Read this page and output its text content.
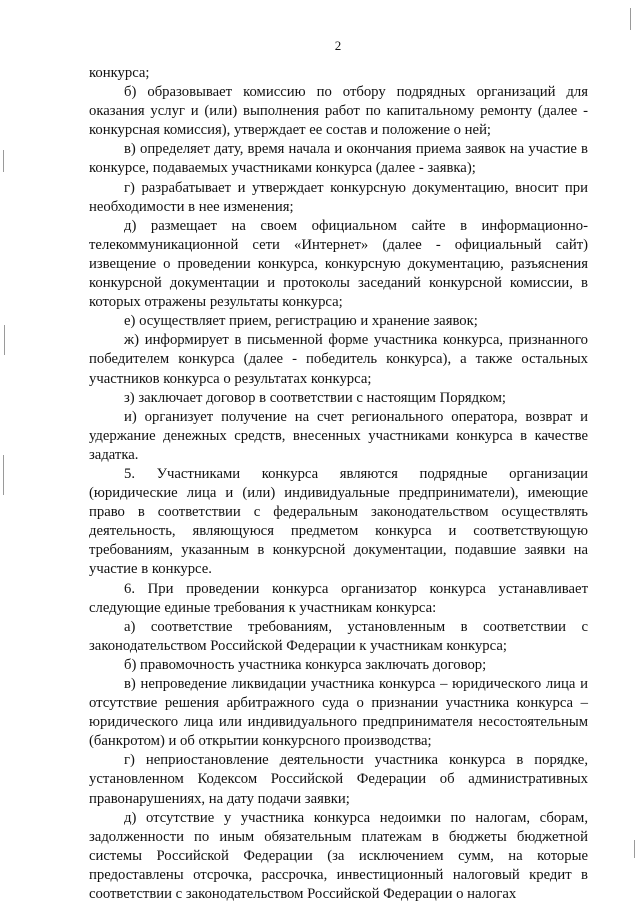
2

конкурса;

б) образовывает комиссию по отбору подрядных организаций для оказания услуг и (или) выполнения работ по капитальному ремонту (далее - конкурсная комиссия), утверждает ее состав и положение о ней;

в) определяет дату, время начала и окончания приема заявок на участие в конкурсе, подаваемых участниками конкурса (далее - заявка);

г) разрабатывает и утверждает конкурсную документацию, вносит при необходимости в нее изменения;

д) размещает на своем официальном сайте в информационно-телекоммуникационной сети «Интернет» (далее - официальный сайт) извещение о проведении конкурса, конкурсную документацию, разъяснения конкурсной документации и протоколы заседаний конкурсной комиссии, в которых отражены результаты конкурса;

е) осуществляет прием, регистрацию и хранение заявок;

ж) информирует в письменной форме участника конкурса, признанного победителем конкурса (далее - победитель конкурса), а также остальных участников конкурса о результатах конкурса;

з) заключает договор в соответствии с настоящим Порядком;

и) организует получение на счет регионального оператора, возврат и удержание денежных средств, внесенных участниками конкурса в качестве задатка.

5. Участниками конкурса являются подрядные организации (юридические лица и (или) индивидуальные предприниматели), имеющие право в соответствии с федеральным законодательством осуществлять деятельность, являющуюся предметом конкурса и соответствующую требованиям, указанным в конкурсной документации, подавшие заявки на участие в конкурсе.

6. При проведении конкурса организатор конкурса устанавливает следующие единые требования к участникам конкурса:

а) соответствие требованиям, установленным в соответствии с законодательством Российской Федерации к участникам конкурса;

б) правомочность участника конкурса заключать договор;

в) непроведение ликвидации участника конкурса – юридического лица и отсутствие решения арбитражного суда о признании участника конкурса – юридического лица или индивидуального предпринимателя несостоятельным (банкротом) и об открытии конкурсного производства;

г) неприостановление деятельности участника конкурса в порядке, установленном Кодексом Российской Федерации об административных правонарушениях, на дату подачи заявки;

д) отсутствие у участника конкурса недоимки по налогам, сборам, задолженности по иным обязательным платежам в бюджеты бюджетной системы Российской Федерации (за исключением сумм, на которые предоставлены отсрочка, рассрочка, инвестиционный налоговый кредит в соответствии с законодательством Российской Федерации о налогах
